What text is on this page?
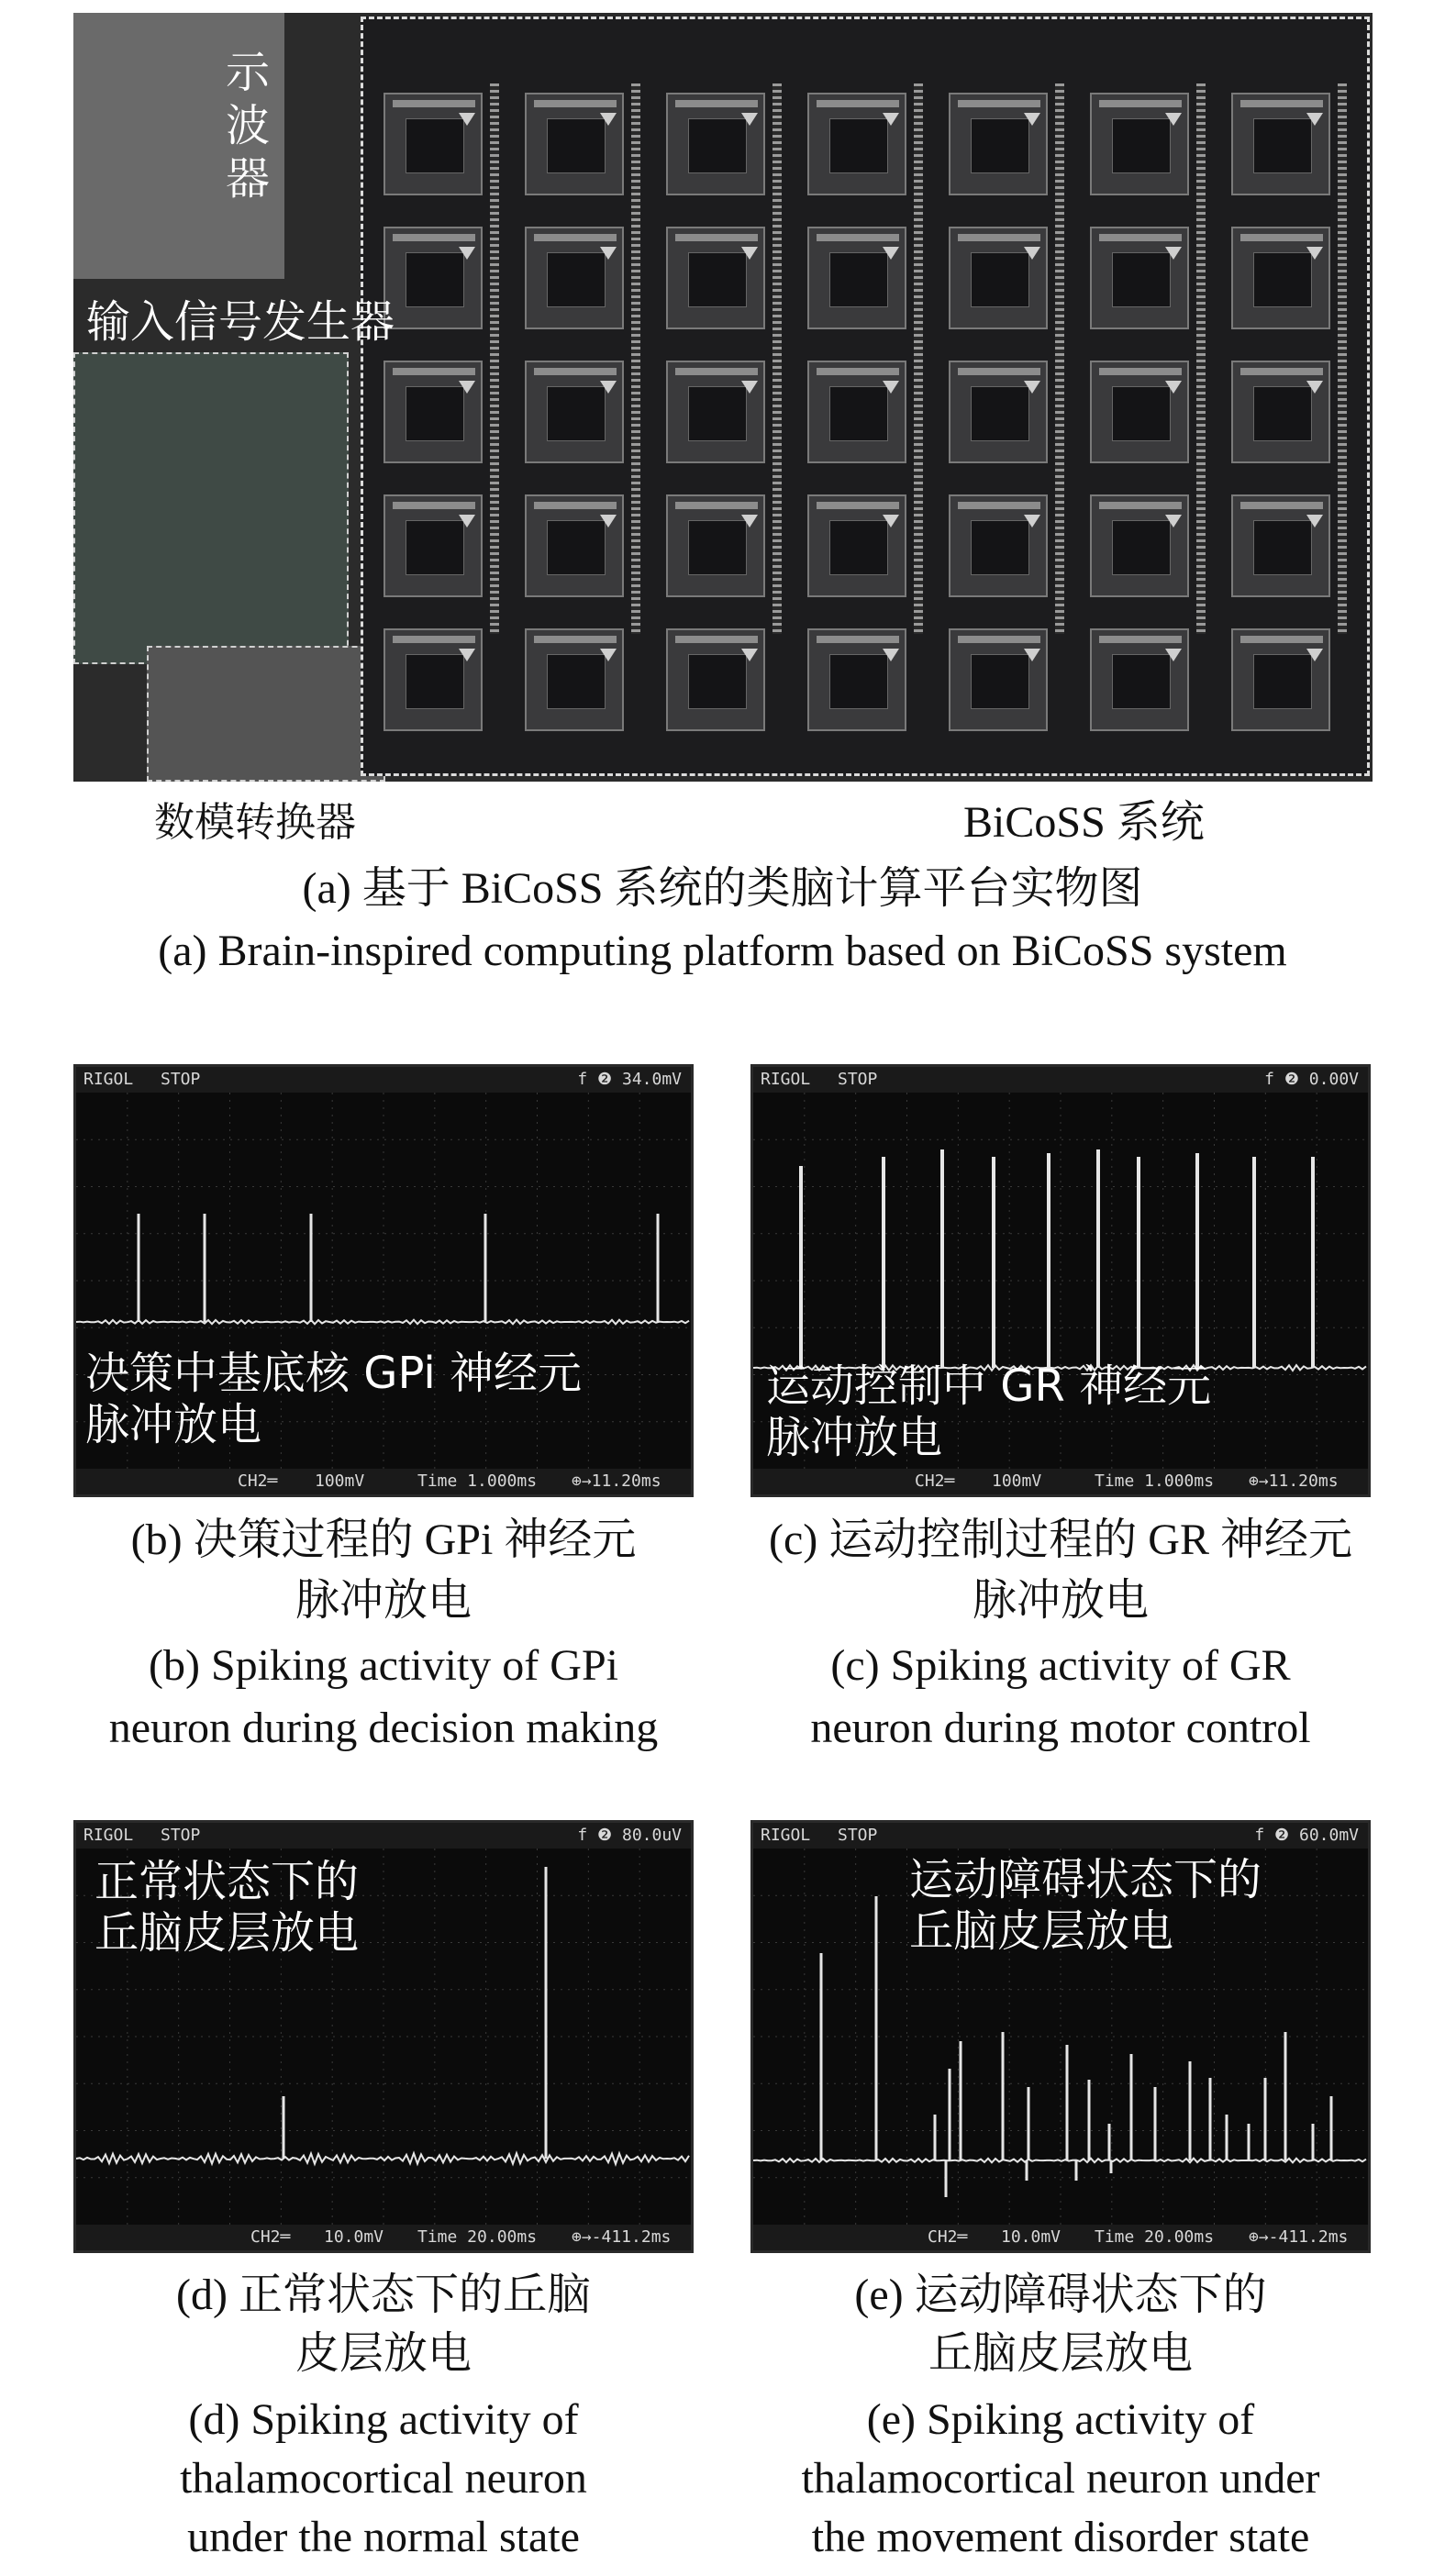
示
波
器
输入信号发生器
数模转换器	BiCoSS 系统
(a) 基于 BiCoSS 系统的类脑计算平台实物图
(a) Brain-inspired computing platform based on BiCoSS system
RIGOL STOP	f ❷ 34.0mV
决策中基底核 GPi 神经元
脉冲放电
CH2═ 100mV	Time 1.000ms ⊕→11.20ms
RIGOL STOP	f ❷ 0.00V
运动控制中 GR 神经元
脉冲放电
CH2═ 100mV	Time 1.000ms ⊕→11.20ms
(b) 决策过程的 GPi 神经元
脉冲放电
(b) Spiking activity of GPi
neuron during decision making
(c) 运动控制过程的 GR 神经元
脉冲放电
(c) Spiking activity of GR
neuron during motor control
RIGOL STOP	f ❷ 80.0uV
正常状态下的
丘脑皮层放电
CH2═ 10.0mV Time 20.00ms ⊕→-411.2ms
RIGOL STOP	f ❷ 60.0mV
运动障碍状态下的
丘脑皮层放电
CH2═ 10.0mV Time 20.00ms ⊕→-411.2ms
(d) 正常状态下的丘脑
皮层放电
(d) Spiking activity of
thalamocortical neuron
under the normal state
(e) 运动障碍状态下的
丘脑皮层放电
(e) Spiking activity of
thalamocortical neuron under
the movement disorder state
